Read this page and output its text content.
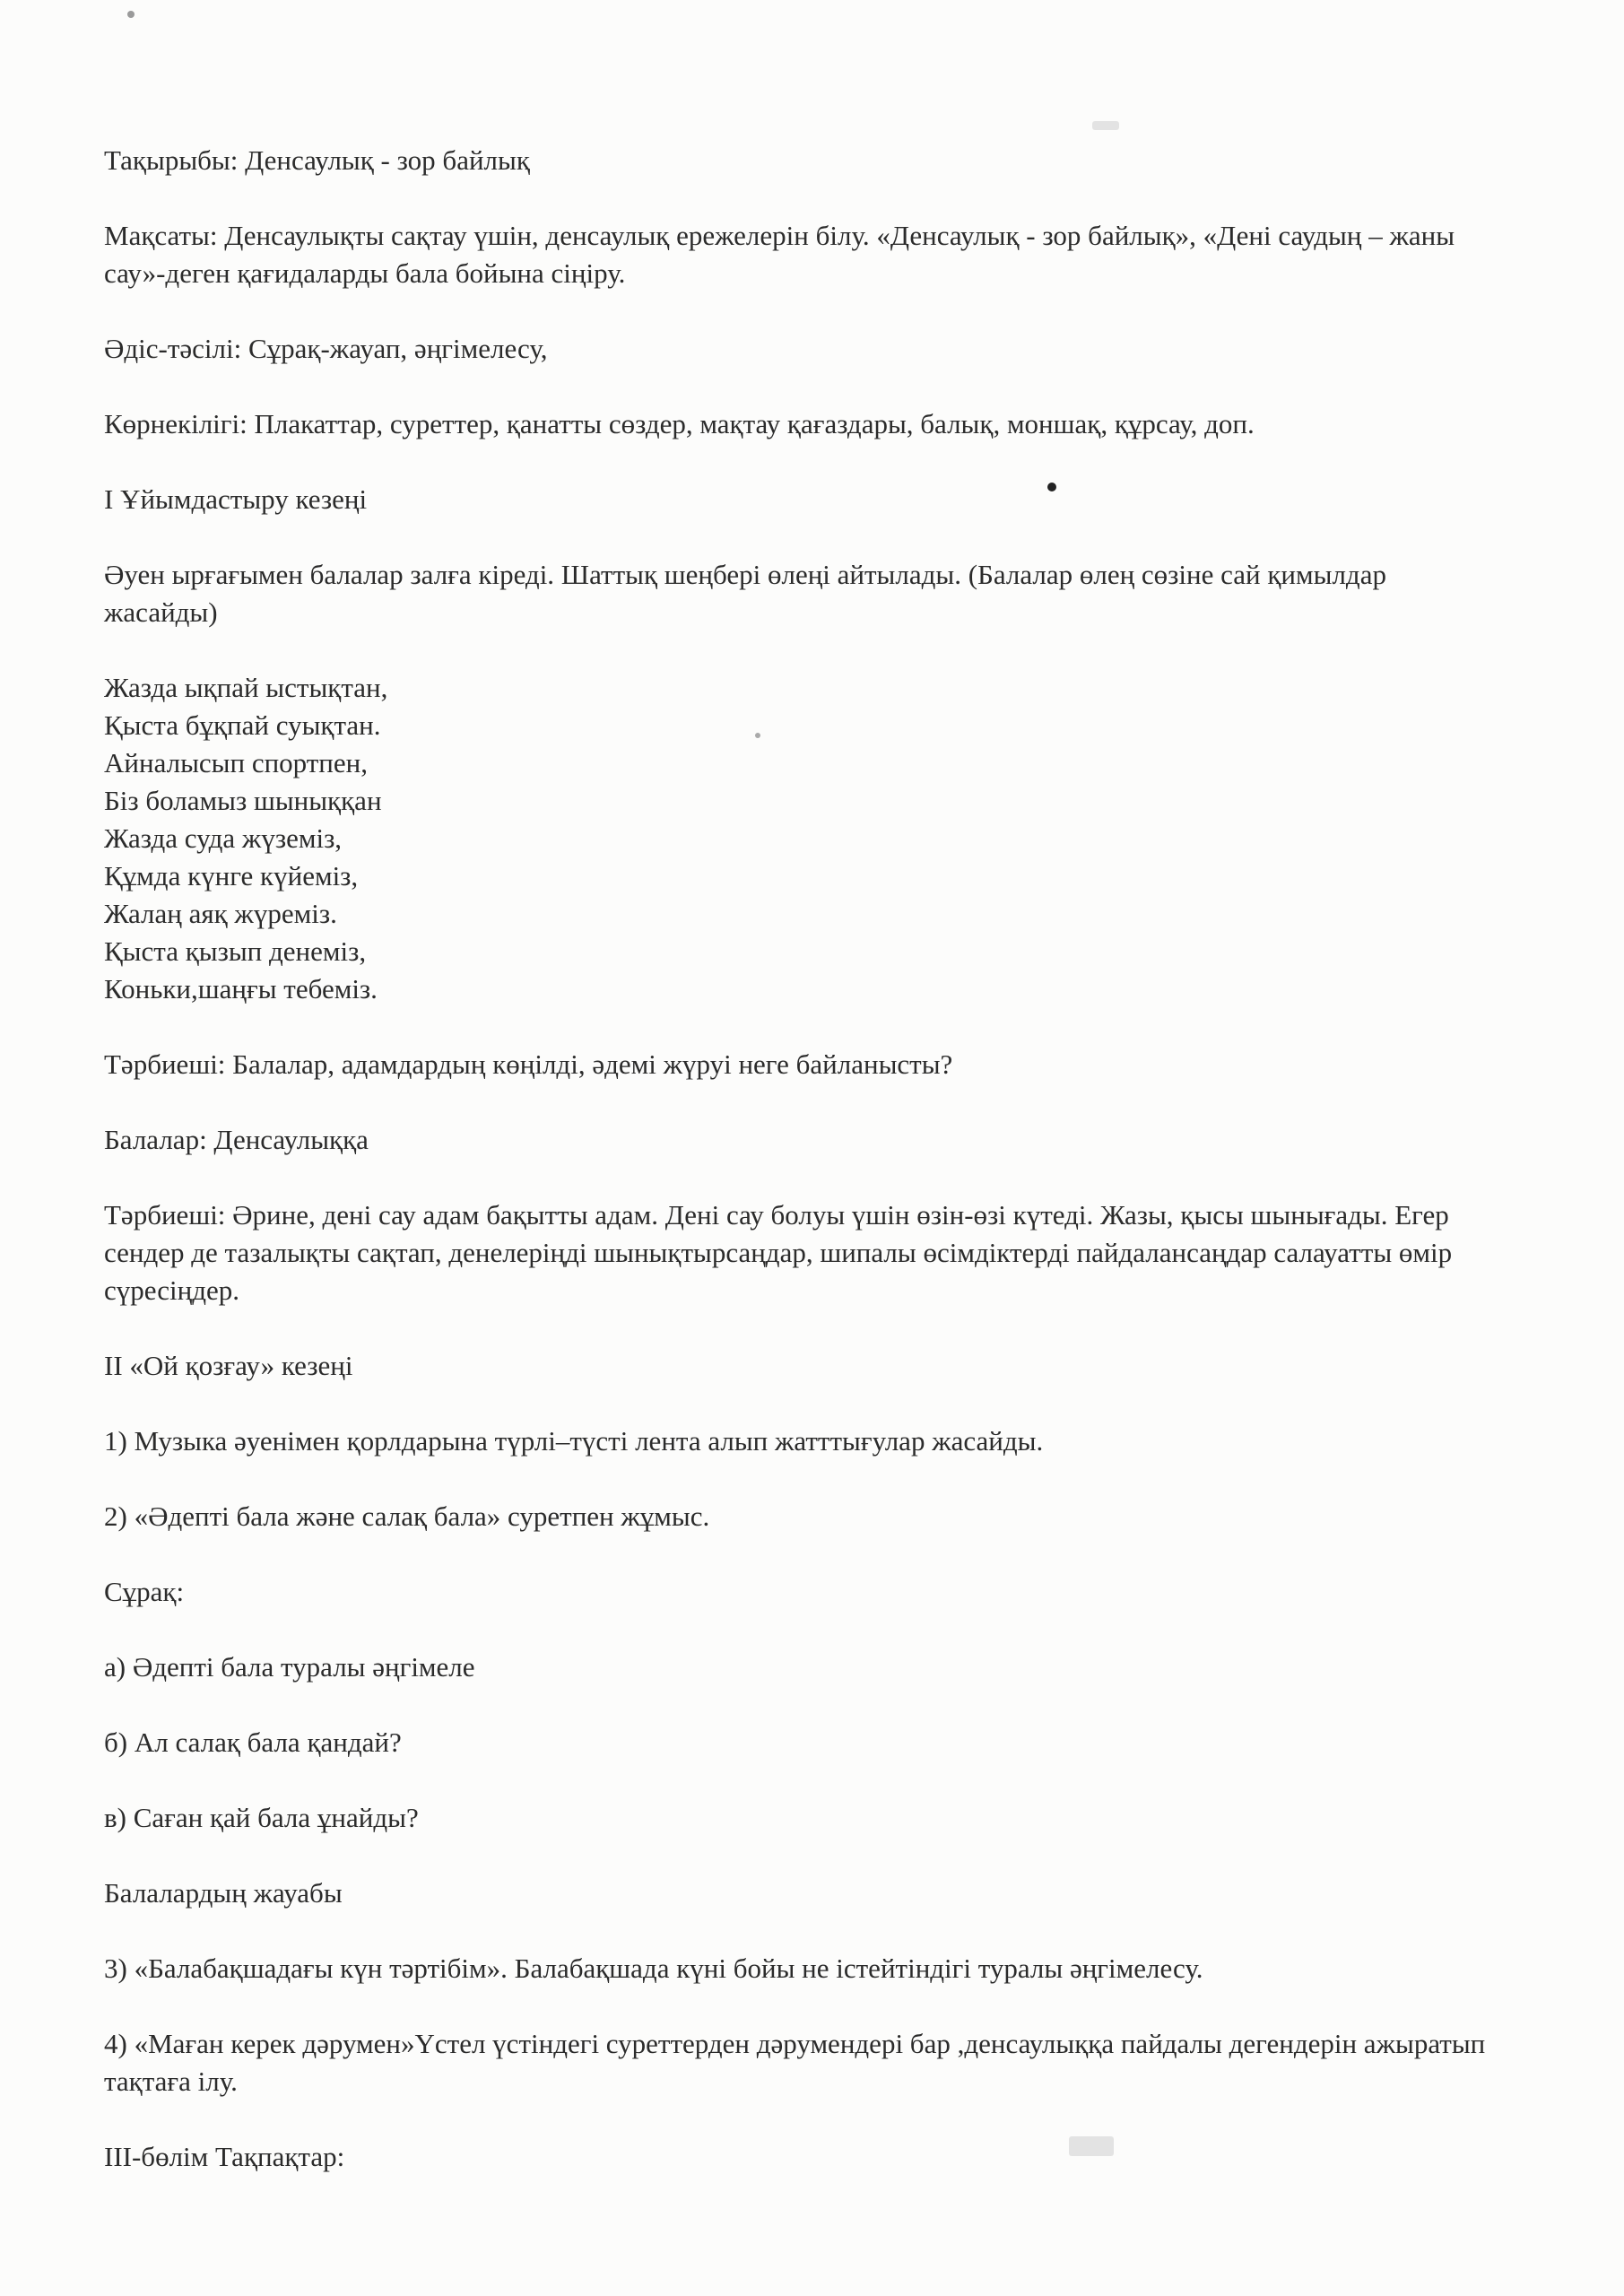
Тақырыбы: Денсаулық - зор байлық

Мақсаты: Денсаулықты сақтау үшін, денсаулық ережелерін білу. «Денсаулық - зор байлық», «Дені саудың – жаны сау»-деген қағидаларды бала бойына сіңіру.

Әдіс-тәсілі: Сұрақ-жауап, әңгімелесу,

Көрнекілігі: Плакаттар, суреттер, қанатты сөздер, мақтау қағаздары, балық, моншақ, құрсау, доп.

І Ұйымдастыру кезеңі

Әуен ырғағымен балалар залға кіреді. Шаттық шеңбері өлеңі айтылады. (Балалар өлең сөзіне сай қимылдар жасайды)

Жазда ықпай ыстықтан,
Қыста бұқпай суықтан.
Айналысып спортпен,
Біз боламыз шыныққан
Жазда суда жүземіз,
Құмда күнге күйеміз,
Жалаң аяқ жүреміз.
Қыста қызып денеміз,
Коньки,шаңғы тебеміз.

Тәрбиеші: Балалар, адамдардың көңілді, әдемі жүруі неге байланысты?

Балалар: Денсаулыққа

Тәрбиеші: Әрине, дені сау адам бақытты адам. Дені сау болуы үшін өзін-өзі күтеді. Жазы, қысы шынығады. Егер сендер де тазалықты сақтап, денелеріңді шынықтырсаңдар, шипалы өсімдіктерді пайдалансаңдар салауатты өмір сүресіңдер.

ІІ «Ой қозғау» кезеңі

1) Музыка әуенімен қорлдарына түрлі–түсті лента алып жатттығулар жасайды.

2) «Әдепті бала және салақ бала» суретпен жұмыс.

Сұрақ:

а) Әдепті бала туралы әңгімеле

б) Ал салақ бала қандай?

в) Саған қай бала ұнайды?

Балалардың жауабы

3) «Балабақшадағы күн тәртібім». Балабақшада күні бойы не істейтіндігі туралы әңгімелесу.

4) «Маған керек дәрумен»Үстел үстіндегі суреттерден дәрумендері бар ,денсаулыққа пайдалы дегендерін ажыратып тақтаға ілу.

ІІІ-бөлім Тақпақтар:
